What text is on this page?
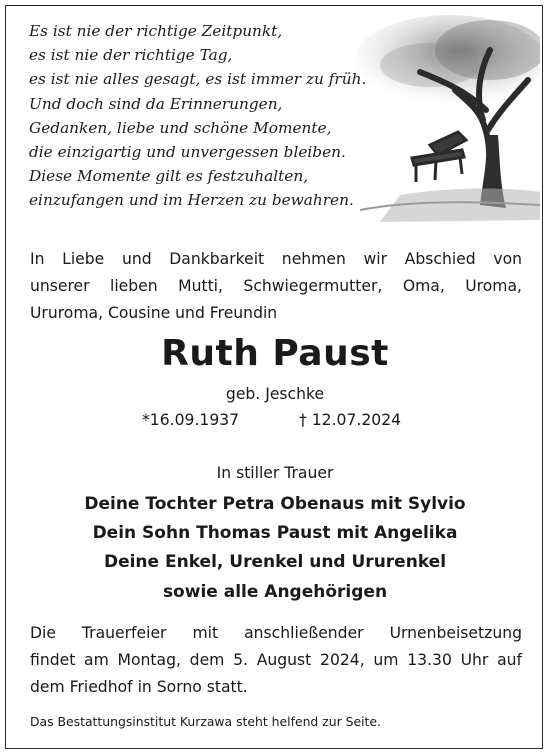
Es ist nie der richtige Zeitpunkt,
es ist nie der richtige Tag,
es ist nie alles gesagt, es ist immer zu früh.
Und doch sind da Erinnerungen,
Gedanken, liebe und schöne Momente,
die einzigartig und unvergessen bleiben.
Diese Momente gilt es festzuhalten,
einzufangen und im Herzen zu bewahren.
In Liebe und Dankbarkeit nehmen wir Abschied von
unserer lieben Mutti, Schwiegermutter, Oma, Uroma,
Ururoma, Cousine und Freundin
Ruth Paust
geb. Jeschke
*16.09.1937	† 12.07.2024
In stiller Trauer
Deine Tochter Petra Obenaus mit Sylvio
Dein Sohn Thomas Paust mit Angelika
Deine Enkel, Urenkel und Ururenkel
sowie alle Angehörigen
Die Trauerfeier mit anschließender Urnenbeisetzung
findet am Montag, dem 5. August 2024, um 13.30 Uhr auf
dem Friedhof in Sorno statt.
Das Bestattungsinstitut Kurzawa steht helfend zur Seite.
